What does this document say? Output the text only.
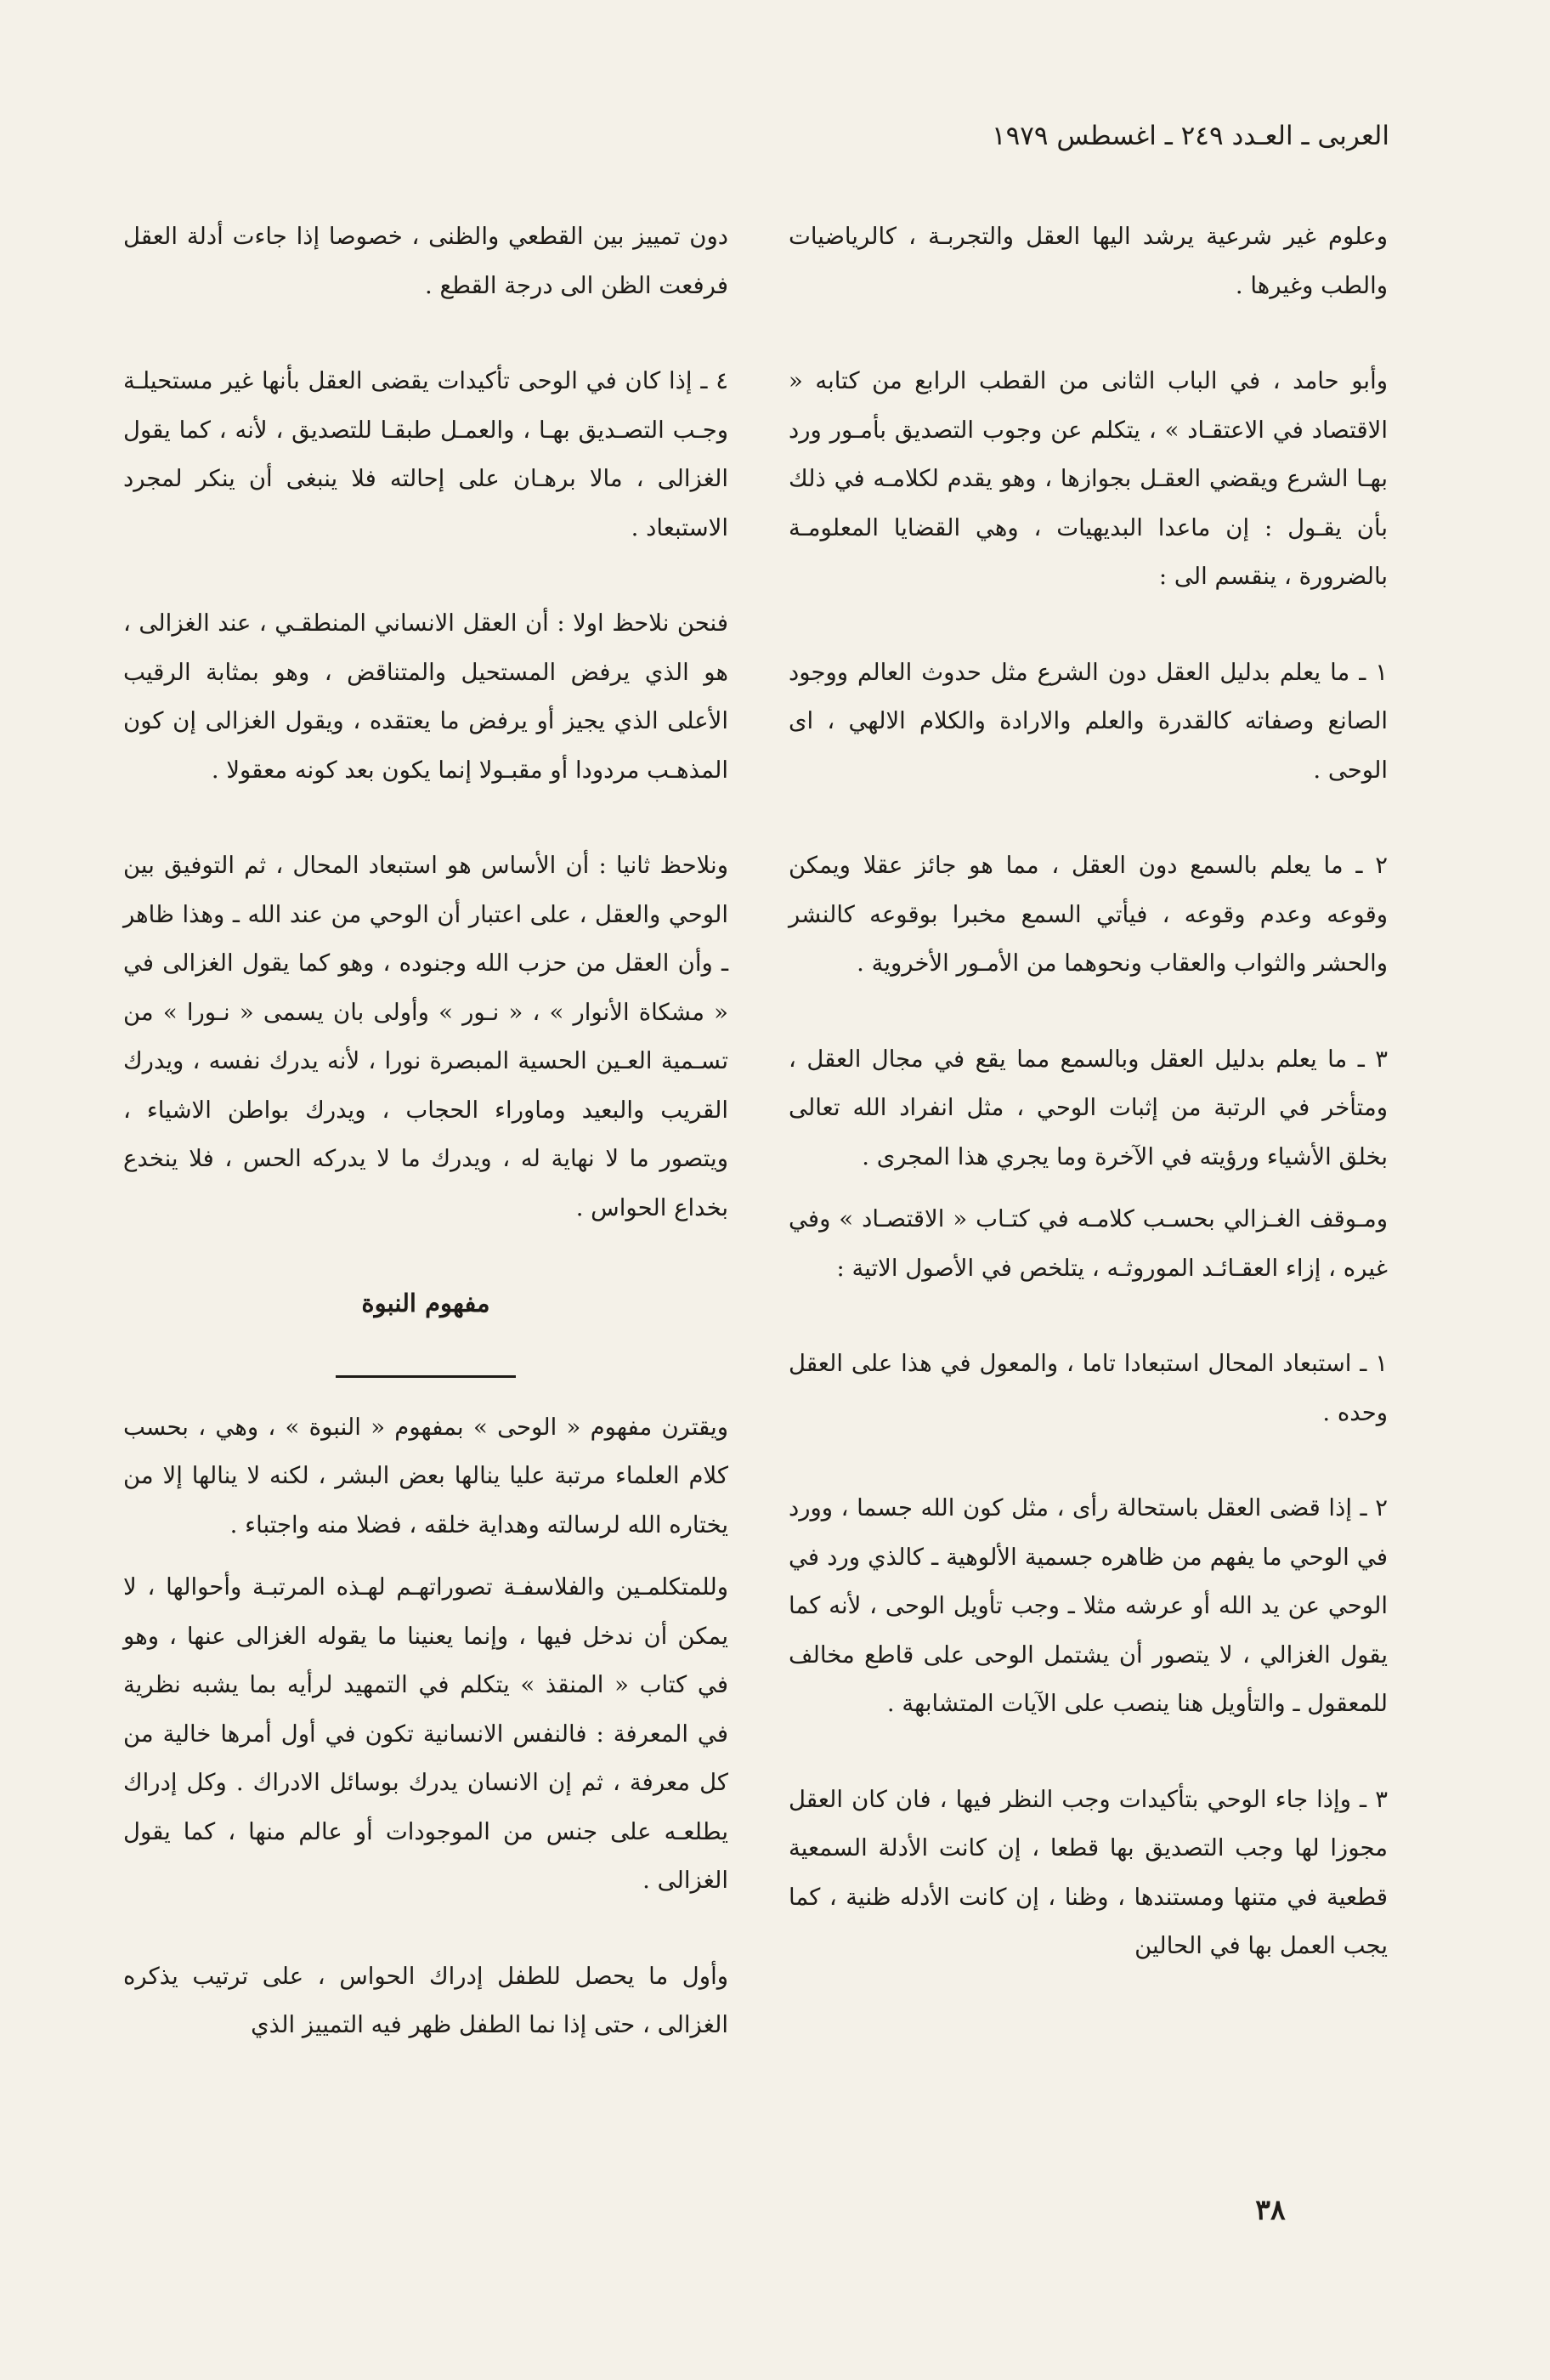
العربى ـ العـدد ٢٤٩ ـ اغسطس ١٩٧٩

وعلوم غير شرعية يرشد اليها العقل والتجربـة ، كالرياضيات والطب وغيرها .

وأبو حامد ، في الباب الثانى من القطب الرابع من كتابه « الاقتصاد في الاعتقـاد » ، يتكلم عن وجوب التصديق بأمـور ورد بهـا الشرع ويقضي العقـل بجوازها ، وهو يقدم لكلامـه في ذلك بأن يقـول : إن ماعدا البديهيات ، وهي القضايا المعلومـة بالضرورة ، ينقسم الى :

١ ـ ما يعلم بدليل العقل دون الشرع مثل حدوث العالم ووجود الصانع وصفاته كالقدرة والعلم والارادة والكلام الالهي ، اى الوحى .

٢ ـ ما يعلم بالسمع دون العقل ، مما هو جائز عقلا ويمكن وقوعه وعدم وقوعه ، فيأتي السمع مخبرا بوقوعه كالنشر والحشر والثواب والعقاب ونحوهما من الأمـور الأخروية .

٣ ـ ما يعلم بدليل العقل وبالسمع مما يقع في مجال العقل ، ومتأخر في الرتبة من إثبات الوحي ، مثل انفراد الله تعالى بخلق الأشياء ورؤيته في الآخرة وما يجري هذا المجرى .

ومـوقف الغـزالي بحسـب كلامـه في كتـاب « الاقتصـاد » وفي غيره ، إزاء العقـائـد الموروثـه ، يتلخص في الأصول الاتية :

١ ـ استبعاد المحال استبعادا تاما ، والمعول في هذا على العقل وحده .

٢ ـ إذا قضى العقل باستحالة رأى ، مثل كون الله جسما ، وورد في الوحي ما يفهم من ظاهره جسمية الألوهية ـ كالذي ورد في الوحي عن يد الله أو عرشه مثلا ـ وجب تأويل الوحى ، لأنه كما يقول الغزالي ، لا يتصور أن يشتمل الوحى على قاطع مخالف للمعقول ـ والتأويل هنا ينصب على الآيات المتشابهة .

٣ ـ وإذا جاء الوحي بتأكيدات وجب النظر فيها ، فان كان العقل مجوزا لها وجب التصديق بها قطعا ، إن كانت الأدلة السمعية قطعية في متنها ومستندها ، وظنا ، إن كانت الأدله ظنية ، كما يجب العمل بها في الحالين

دون تمييز بين القطعي والظنى ، خصوصا إذا جاءت أدلة العقل فرفعت الظن الى درجة القطع .

٤ ـ إذا كان في الوحى تأكيدات يقضى العقل بأنها غير مستحيلـة وجـب التصـديق بهـا ، والعمـل طبقـا للتصديق ، لأنه ، كما يقول الغزالى ، مالا برهـان على إحالته فلا ينبغى أن ينكر لمجرد الاستبعاد .

فنحن نلاحظ اولا : أن العقل الانساني المنطقـي ، عند الغزالى ، هو الذي يرفض المستحيل والمتناقض ، وهو بمثابة الرقيب الأعلى الذي يجيز أو يرفض ما يعتقده ، ويقول الغزالى إن كون المذهـب مردودا أو مقبـولا إنما يكون بعد كونه معقولا .

ونلاحظ ثانيا : أن الأساس هو استبعاد المحال ، ثم التوفيق بين الوحي والعقل ، على اعتبار أن الوحي من عند الله ـ وهذا ظاهر ـ وأن العقل من حزب الله وجنوده ، وهو كما يقول الغزالى في « مشكاة الأنوار » ، « نـور » وأولى بان يسمى « نـورا » من تسـمية العـين الحسية المبصرة نورا ، لأنه يدرك نفسه ، ويدرك القريب والبعيد وماوراء الحجاب ، ويدرك بواطن الاشياء ، ويتصور ما لا نهاية له ، ويدرك ما لا يدركه الحس ، فلا ينخدع بخداع الحواس .

مفهوم النبوة

ويقترن مفهوم « الوحى » بمفهوم « النبوة » ، وهي ، بحسب كلام العلماء مرتبة عليا ينالها بعض البشر ، لكنه لا ينالها إلا من يختاره الله لرسالته وهداية خلقه ، فضلا منه واجتباء .

وللمتكلمـين والفلاسفـة تصوراتهـم لهـذه المرتبـة وأحوالها ، لا يمكن أن ندخل فيها ، وإنما يعنينا ما يقوله الغزالى عنها ، وهو في كتاب « المنقذ » يتكلم في التمهيد لرأيه بما يشبه نظرية في المعرفة : فالنفس الانسانية تكون في أول أمرها خالية من كل معرفة ، ثم إن الانسان يدرك بوسائل الادراك . وكل إدراك يطلعـه على جنس من الموجودات أو عالم منها ، كما يقول الغزالى .

وأول ما يحصل للطفل إدراك الحواس ، على ترتيب يذكره الغزالى ، حتى إذا نما الطفل ظهر فيه التمييز الذي

٣٨
